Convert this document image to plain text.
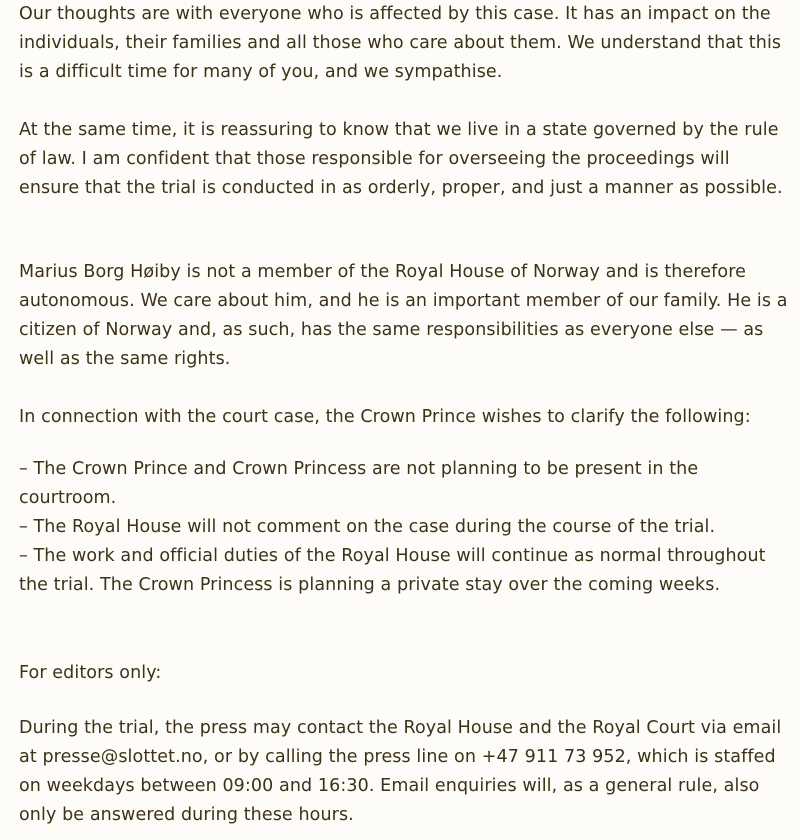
Our thoughts are with everyone who is affected by this case. It has an impact on the individuals, their families and all those who care about them. We understand that this is a difficult time for many of you, and we sympathise.

At the same time, it is reassuring to know that we live in a state governed by the rule of law. I am confident that those responsible for overseeing the proceedings will ensure that the trial is conducted in as orderly, proper, and just a manner as possible.

Marius Borg Høiby is not a member of the Royal House of Norway and is therefore autonomous. We care about him, and he is an important member of our family. He is a citizen of Norway and, as such, has the same responsibilities as everyone else — as well as the same rights.

In connection with the court case, the Crown Prince wishes to clarify the following:

– The Crown Prince and Crown Princess are not planning to be present in the courtroom.

– The Royal House will not comment on the case during the course of the trial.

– The work and official duties of the Royal House will continue as normal throughout the trial. The Crown Princess is planning a private stay over the coming weeks.

For editors only:

During the trial, the press may contact the Royal House and the Royal Court via email at presse@slottet.no, or by calling the press line on +47 911 73 952, which is staffed on weekdays between 09:00 and 16:30. Email enquiries will, as a general rule, also only be answered during these hours.
